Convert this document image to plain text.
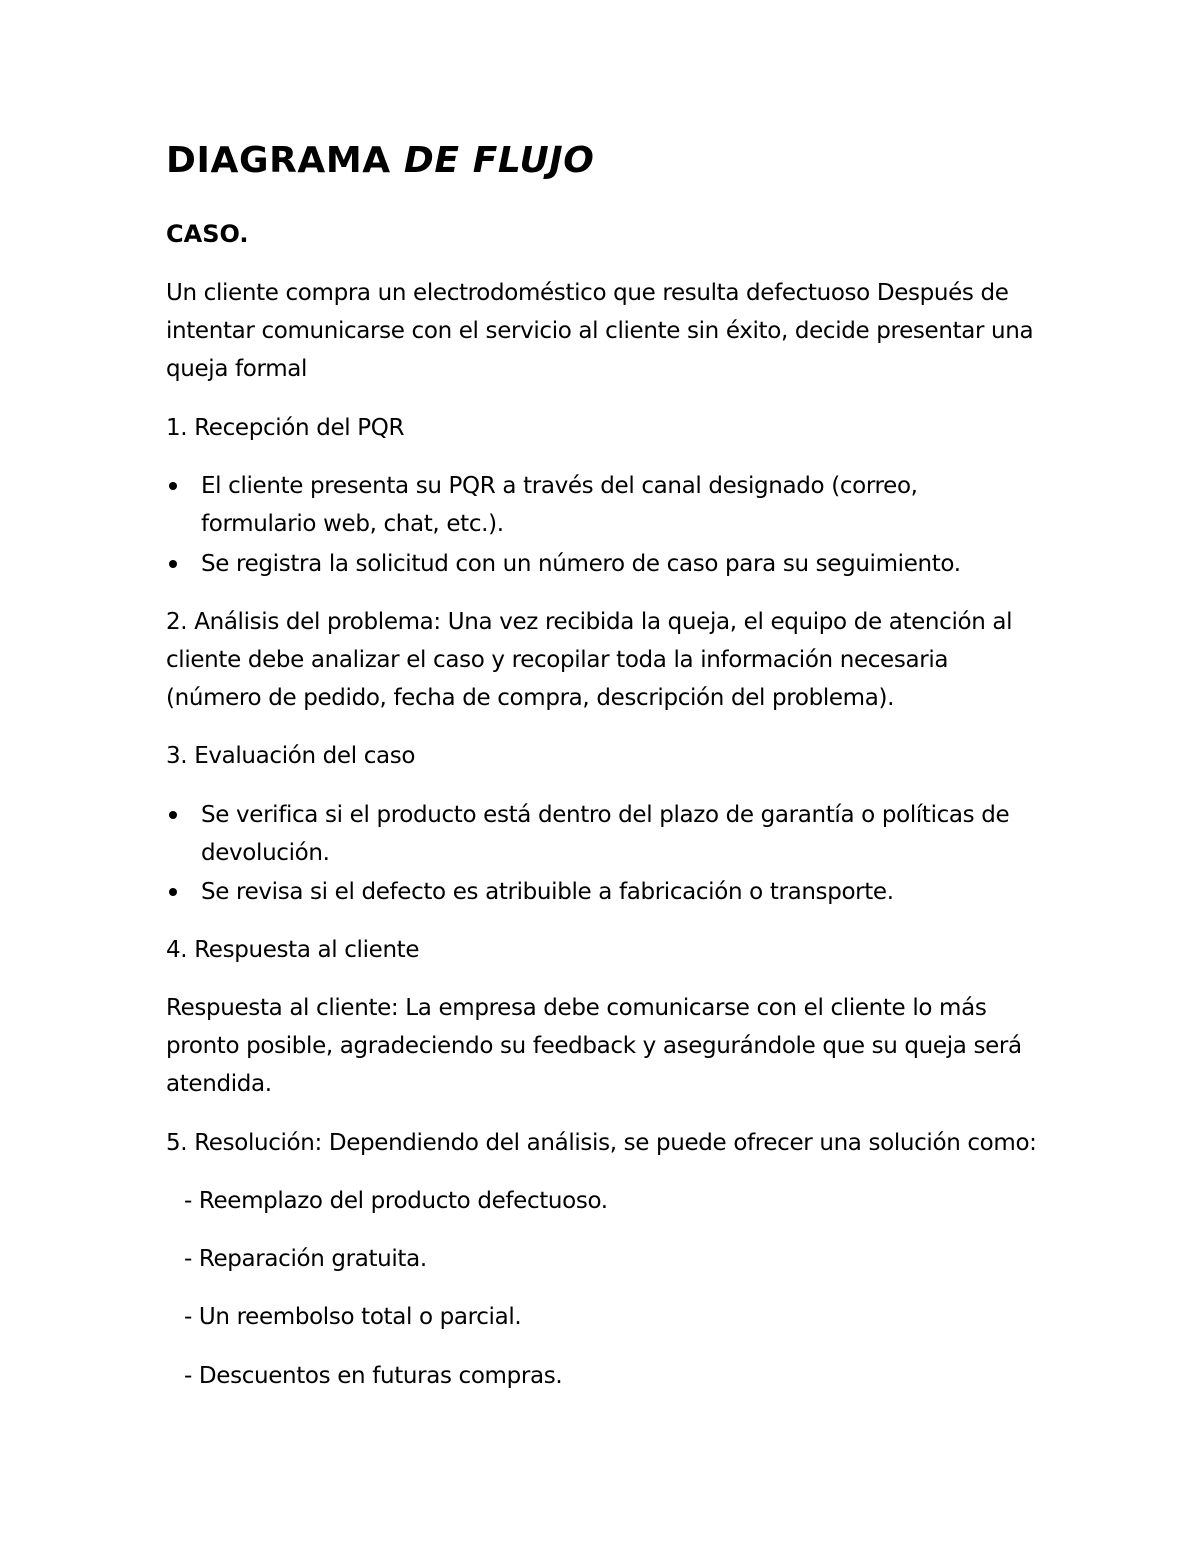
DIAGRAMA DE FLUJO
CASO.
Un cliente compra un electrodoméstico que resulta defectuoso Después de
intentar comunicarse con el servicio al cliente sin éxito, decide presentar una
queja formal
1. Recepción del PQR
El cliente presenta su PQR a través del canal designado (correo,
formulario web, chat, etc.).
Se registra la solicitud con un número de caso para su seguimiento.
2. Análisis del problema: Una vez recibida la queja, el equipo de atención al
cliente debe analizar el caso y recopilar toda la información necesaria
(número de pedido, fecha de compra, descripción del problema).
3. Evaluación del caso
Se verifica si el producto está dentro del plazo de garantía o políticas de
devolución.
Se revisa si el defecto es atribuible a fabricación o transporte.
4. Respuesta al cliente
Respuesta al cliente: La empresa debe comunicarse con el cliente lo más
pronto posible, agradeciendo su feedback y asegurándole que su queja será
atendida.
5. Resolución: Dependiendo del análisis, se puede ofrecer una solución como:
- Reemplazo del producto defectuoso.
- Reparación gratuita.
- Un reembolso total o parcial.
- Descuentos en futuras compras.
